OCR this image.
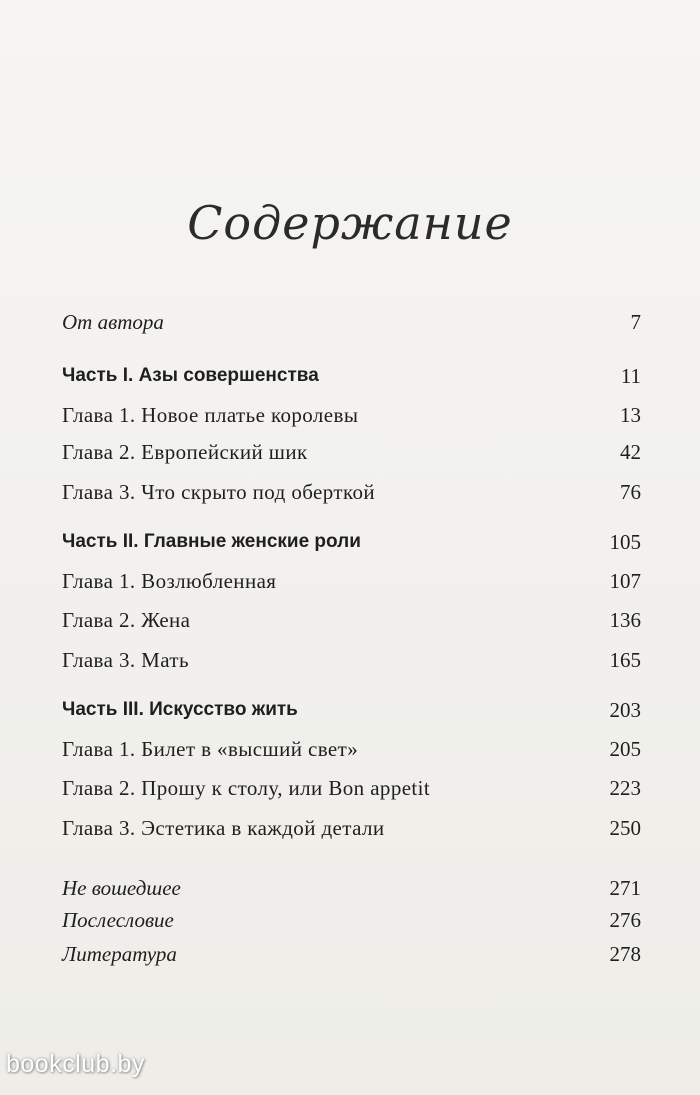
Содержание
От автора	7
Часть I. Азы совершенства	11
Глава 1. Новое платье королевы	13
Глава 2. Европейский шик	42
Глава 3. Что скрыто под оберткой	76
Часть II. Главные женские роли	105
Глава 1. Возлюбленная	107
Глава 2. Жена	136
Глава 3. Мать	165
Часть III. Искусство жить	203
Глава 1. Билет в «высший свет»	205
Глава 2. Прошу к столу, или Bon appetit	223
Глава 3. Эстетика в каждой детали	250
Не вошедшее	271
Послесловие	276
Литература	278
bookclub.by
